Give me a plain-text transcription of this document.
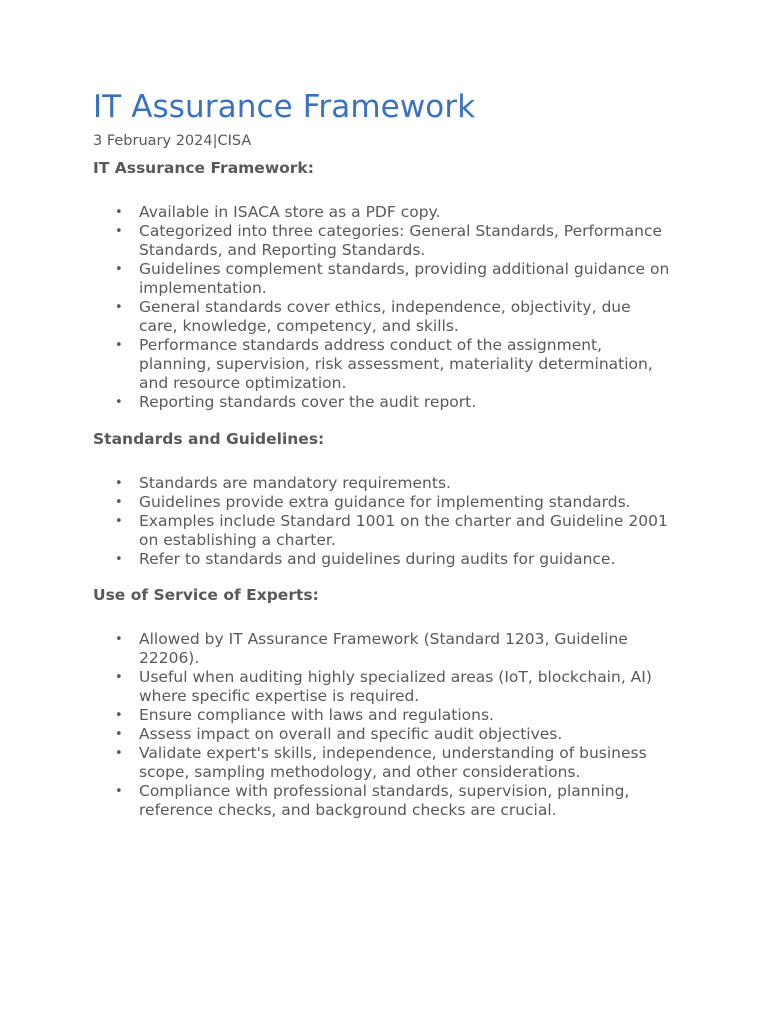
IT Assurance Framework
3 February 2024|CISA
IT Assurance Framework:
• Available in ISACA store as a PDF copy.
• Categorized into three categories: General Standards, Performance Standards, and Reporting Standards.
• Guidelines complement standards, providing additional guidance on implementation.
• General standards cover ethics, independence, objectivity, due care, knowledge, competency, and skills.
• Performance standards address conduct of the assignment, planning, supervision, risk assessment, materiality determination, and resource optimization.
• Reporting standards cover the audit report.
Standards and Guidelines:
• Standards are mandatory requirements.
• Guidelines provide extra guidance for implementing standards.
• Examples include Standard 1001 on the charter and Guideline 2001 on establishing a charter.
• Refer to standards and guidelines during audits for guidance.
Use of Service of Experts:
• Allowed by IT Assurance Framework (Standard 1203, Guideline 22206).
• Useful when auditing highly specialized areas (IoT, blockchain, AI) where specific expertise is required.
• Ensure compliance with laws and regulations.
• Assess impact on overall and specific audit objectives.
• Validate expert's skills, independence, understanding of business scope, sampling methodology, and other considerations.
• Compliance with professional standards, supervision, planning, reference checks, and background checks are crucial.
